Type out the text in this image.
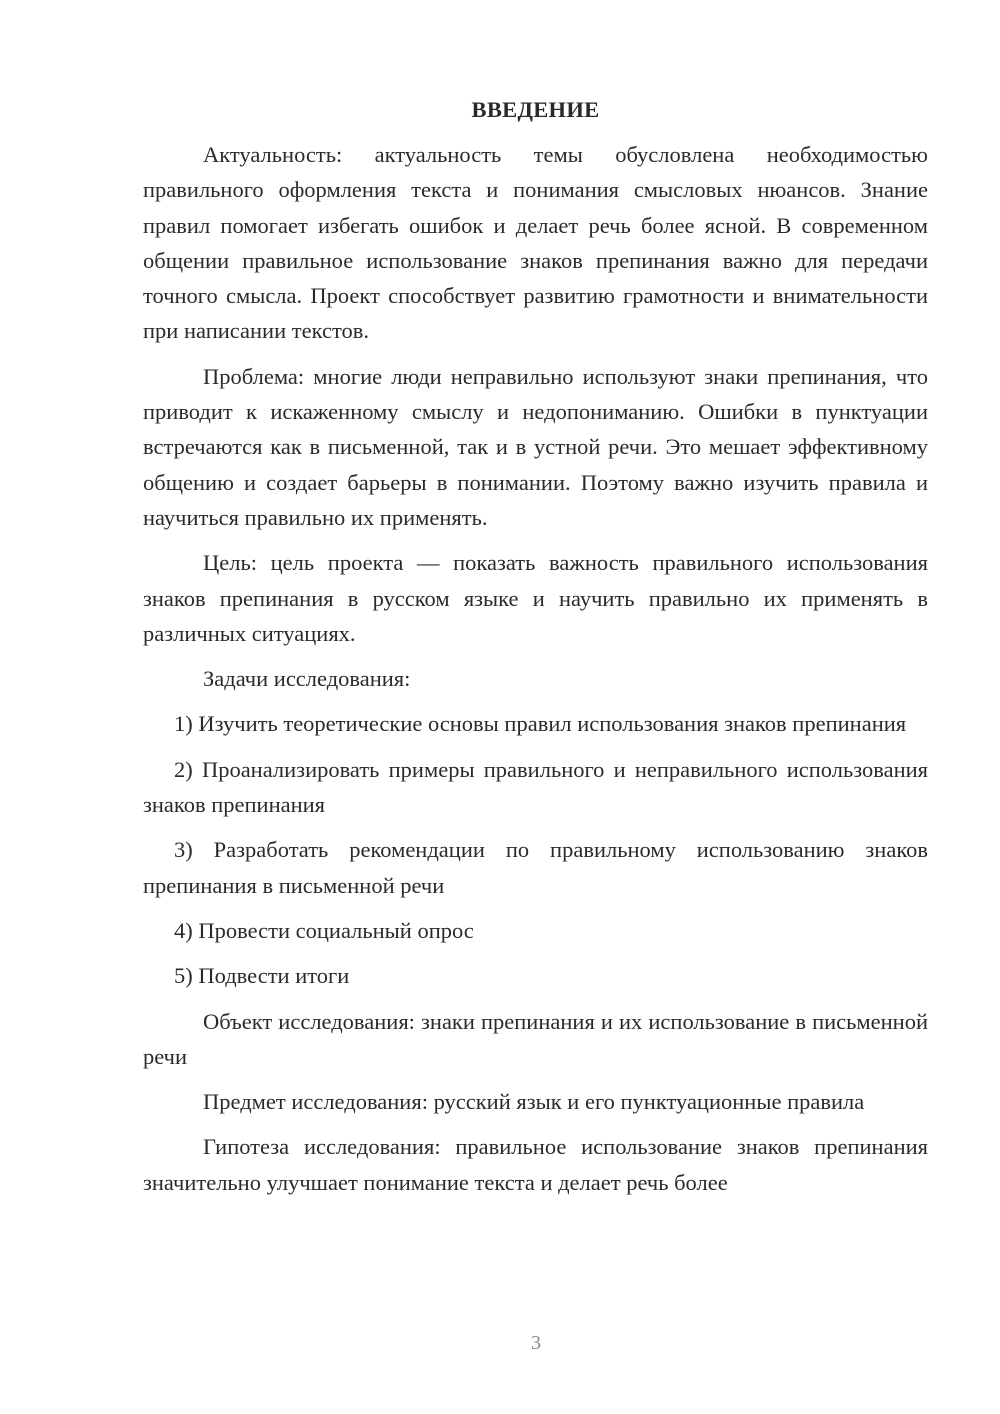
ВВЕДЕНИЕ

Актуальность: актуальность темы обусловлена необходимостью правильного оформления текста и понимания смысловых нюансов. Знание правил помогает избегать ошибок и делает речь более ясной. В современном общении правильное использование знаков препинания важно для передачи точного смысла. Проект способствует развитию грамотности и внимательности при написании текстов.

Проблема: многие люди неправильно используют знаки препинания, что приводит к искаженному смыслу и недопониманию. Ошибки в пунктуации встречаются как в письменной, так и в устной речи. Это мешает эффективному общению и создает барьеры в понимании. Поэтому важно изучить правила и научиться правильно их применять.

Цель: цель проекта — показать важность правильного использования знаков препинания в русском языке и научить правильно их применять в различных ситуациях.

Задачи исследования:

1) Изучить теоретические основы правил использования знаков препинания

2) Проанализировать примеры правильного и неправильного использования знаков препинания

3) Разработать рекомендации по правильному использованию знаков препинания в письменной речи

4) Провести социальный опрос

5) Подвести итоги

Объект исследования: знаки препинания и их использование в письменной речи

Предмет исследования: русский язык и его пунктуационные правила

Гипотеза исследования: правильное использование знаков препинания значительно улучшает понимание текста и делает речь более

3
